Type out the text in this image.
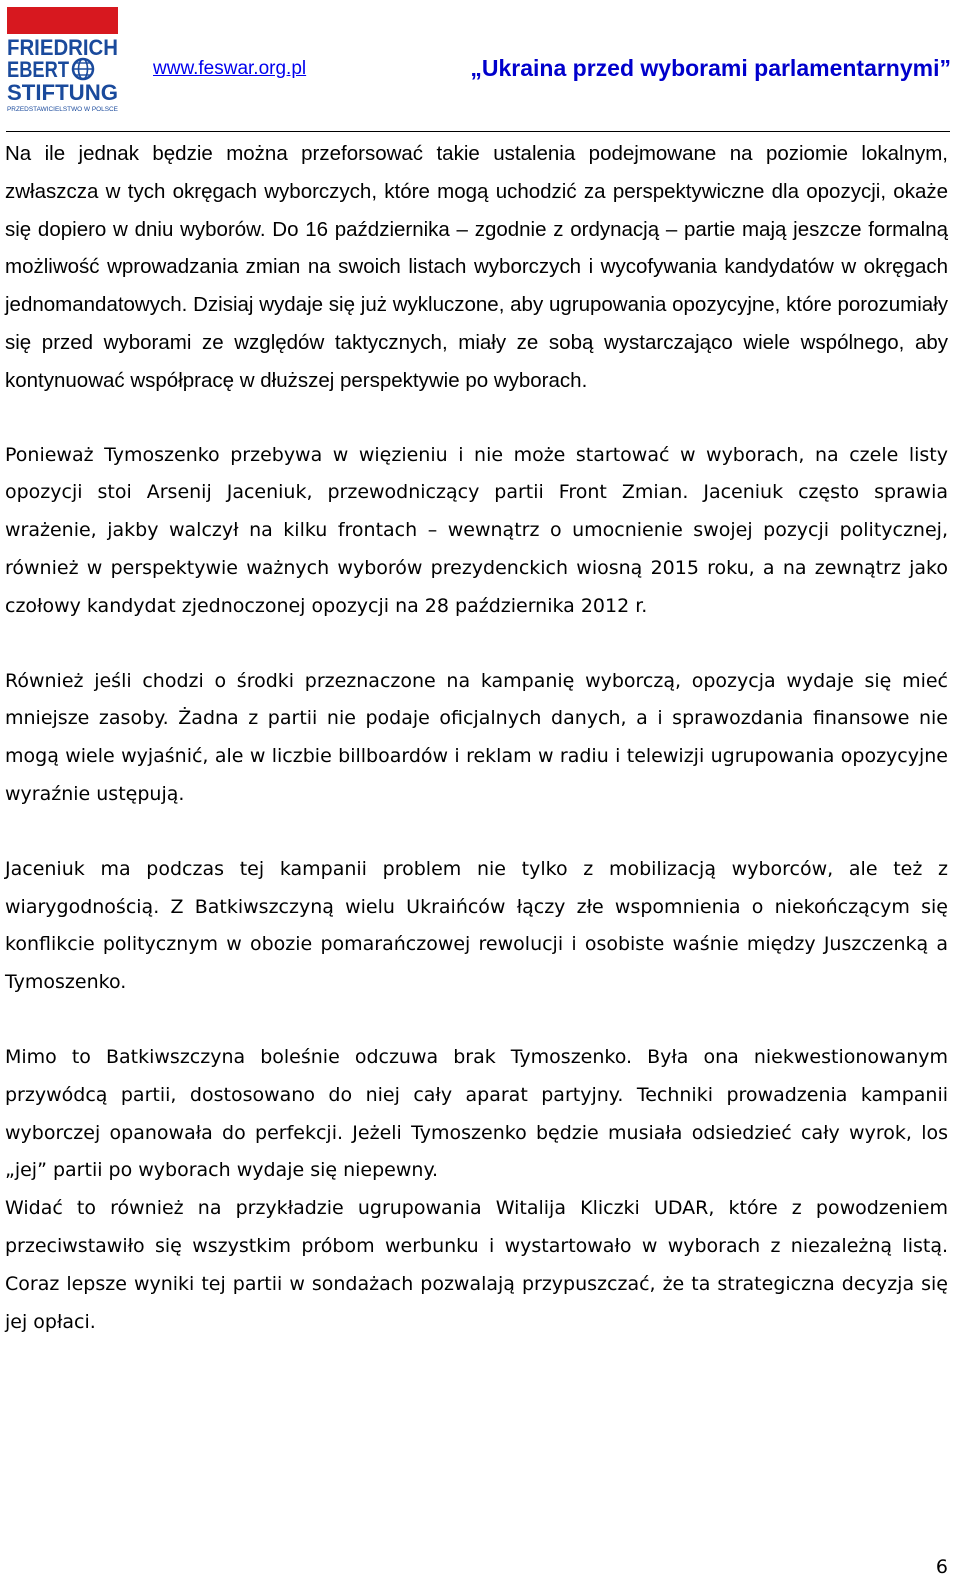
FRIEDRICH
EBERT
STIFTUNG
PRZEDSTAWICIELSTWO W POLSCE
www.feswar.org.pl	„Ukraina przed wyborami parlamentarnymi”

Na ile jednak będzie można przeforsować takie ustalenia podejmowane na poziomie lokalnym, zwłaszcza w tych okręgach wyborczych, które mogą uchodzić za perspektywiczne dla opozycji, okaże się dopiero w dniu wyborów. Do 16 października – zgodnie z ordynacją – partie mają jeszcze formalną możliwość wprowadzania zmian na swoich listach wyborczych i wycofywania kandydatów w okręgach jednomandatowych. Dzisiaj wydaje się już wykluczone, aby ugrupowania opozycyjne, które porozumiały się przed wyborami ze względów taktycznych, miały ze sobą wystarczająco wiele wspólnego, aby kontynuować współpracę w dłuższej perspektywie po wyborach.

Ponieważ Tymoszenko przebywa w więzieniu i nie może startować w wyborach, na czele listy opozycji stoi Arsenij Jaceniuk, przewodniczący partii Front Zmian. Jaceniuk często sprawia wrażenie, jakby walczył na kilku frontach – wewnątrz o umocnienie swojej pozycji politycznej, również w perspektywie ważnych wyborów prezydenckich wiosną 2015 roku, a na zewnątrz jako czołowy kandydat zjednoczonej opozycji na 28 października 2012 r.

Również jeśli chodzi o środki przeznaczone na kampanię wyborczą, opozycja wydaje się mieć mniejsze zasoby. Żadna z partii nie podaje oficjalnych danych, a i sprawozdania finansowe nie mogą wiele wyjaśnić, ale w liczbie billboardów i reklam w radiu i telewizji ugrupowania opozycyjne wyraźnie ustępują.

Jaceniuk ma podczas tej kampanii problem nie tylko z mobilizacją wyborców, ale też z wiarygodnością. Z Batkiwszczyną wielu Ukraińców łączy złe wspomnienia o niekończącym się konflikcie politycznym w obozie pomarańczowej rewolucji i osobiste waśnie między Juszczenką a Tymoszenko.

Mimo to Batkiwszczyna boleśnie odczuwa brak Tymoszenko. Była ona niekwestionowanym przywódcą partii, dostosowano do niej cały aparat partyjny. Techniki prowadzenia kampanii wyborczej opanowała do perfekcji. Jeżeli Tymoszenko będzie musiała odsiedzieć cały wyrok, los „jej” partii po wyborach wydaje się niepewny.

Widać to również na przykładzie ugrupowania Witalija Kliczki UDAR, które z powodzeniem przeciwstawiło się wszystkim próbom werbunku i wystartowało w wyborach z niezależną listą. Coraz lepsze wyniki tej partii w sondażach pozwalają przypuszczać, że ta strategiczna decyzja się jej opłaci.

6
